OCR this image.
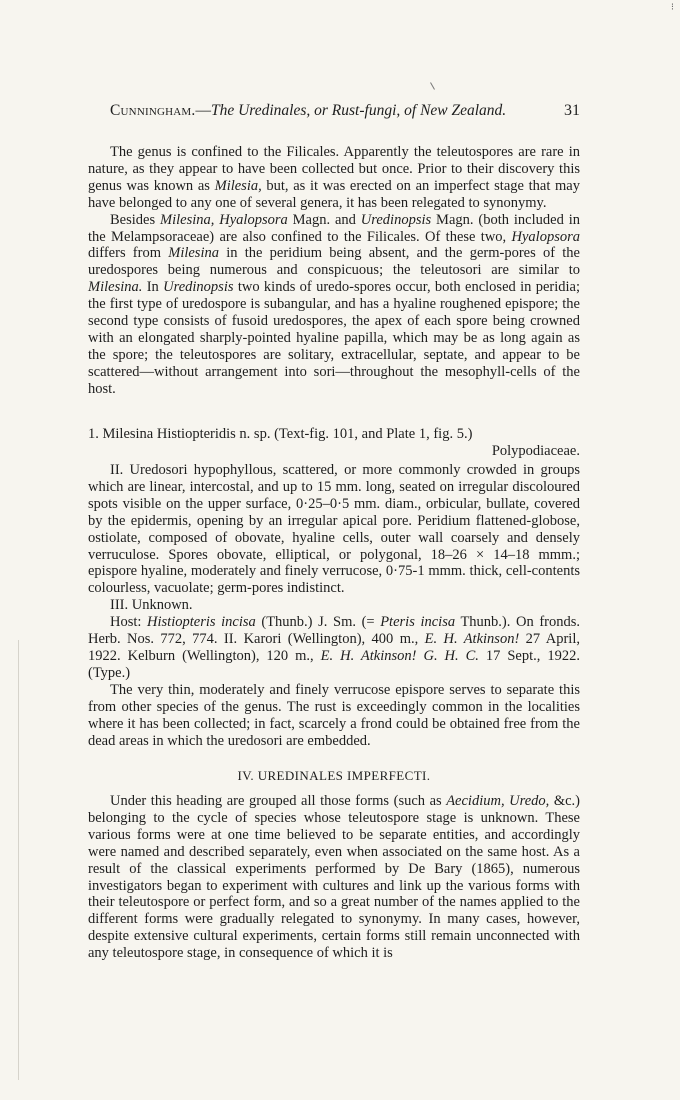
⁝
Cunningham.—The Uredinales, or Rust-fungi, of New Zealand.	31

The genus is confined to the Filicales. Apparently the teleutospores are rare in nature, as they appear to have been collected but once. Prior to their discovery this genus was known as Milesia, but, as it was erected on an imperfect stage that may have belonged to any one of several genera, it has been relegated to synonymy.

Besides Milesina, Hyalopsora Magn. and Uredinopsis Magn. (both included in the Melampsoraceae) are also confined to the Filicales. Of these two, Hyalopsora differs from Milesina in the peridium being absent, and the germ-pores of the uredospores being numerous and conspicuous; the teleutosori are similar to Milesina. In Uredinopsis two kinds of uredo-spores occur, both enclosed in peridia; the first type of uredospore is subangular, and has a hyaline roughened epispore; the second type consists of fusoid uredospores, the apex of each spore being crowned with an elongated sharply-pointed hyaline papilla, which may be as long again as the spore; the teleutospores are solitary, extracellular, septate, and appear to be scattered—without arrangement into sori—throughout the mesophyll-cells of the host.

1. Milesina Histiopteridis n. sp. (Text-fig. 101, and Plate 1, fig. 5.)

Polypodiaceae.

II. Uredosori hypophyllous, scattered, or more commonly crowded in groups which are linear, intercostal, and up to 15 mm. long, seated on irregular discoloured spots visible on the upper surface, 0·25–0·5 mm. diam., orbicular, bullate, covered by the epidermis, opening by an irregular apical pore. Peridium flattened-globose, ostiolate, composed of obovate, hyaline cells, outer wall coarsely and densely verruculose. Spores obovate, elliptical, or polygonal, 18–26 × 14–18 mmm.; epispore hyaline, moderately and finely verrucose, 0·75-1 mmm. thick, cell-contents colourless, vacuolate; germ-pores indistinct.

III. Unknown.

Host: Histiopteris incisa (Thunb.) J. Sm. (= Pteris incisa Thunb.). On fronds. Herb. Nos. 772, 774. II. Karori (Wellington), 400 m., E. H. Atkinson! 27 April, 1922. Kelburn (Wellington), 120 m., E. H. Atkinson! G. H. C. 17 Sept., 1922. (Type.)

The very thin, moderately and finely verrucose epispore serves to separate this from other species of the genus. The rust is exceedingly common in the localities where it has been collected; in fact, scarcely a frond could be obtained free from the dead areas in which the uredosori are embedded.

IV. UREDINALES IMPERFECTI.

Under this heading are grouped all those forms (such as Aecidium, Uredo, &c.) belonging to the cycle of species whose teleutospore stage is unknown. These various forms were at one time believed to be separate entities, and accordingly were named and described separately, even when associated on the same host. As a result of the classical experiments performed by De Bary (1865), numerous investigators began to experiment with cultures and link up the various forms with their teleutospore or perfect form, and so a great number of the names applied to the different forms were gradually relegated to synonymy. In many cases, however, despite extensive cultural experiments, certain forms still remain unconnected with any teleutospore stage, in consequence of which it is
